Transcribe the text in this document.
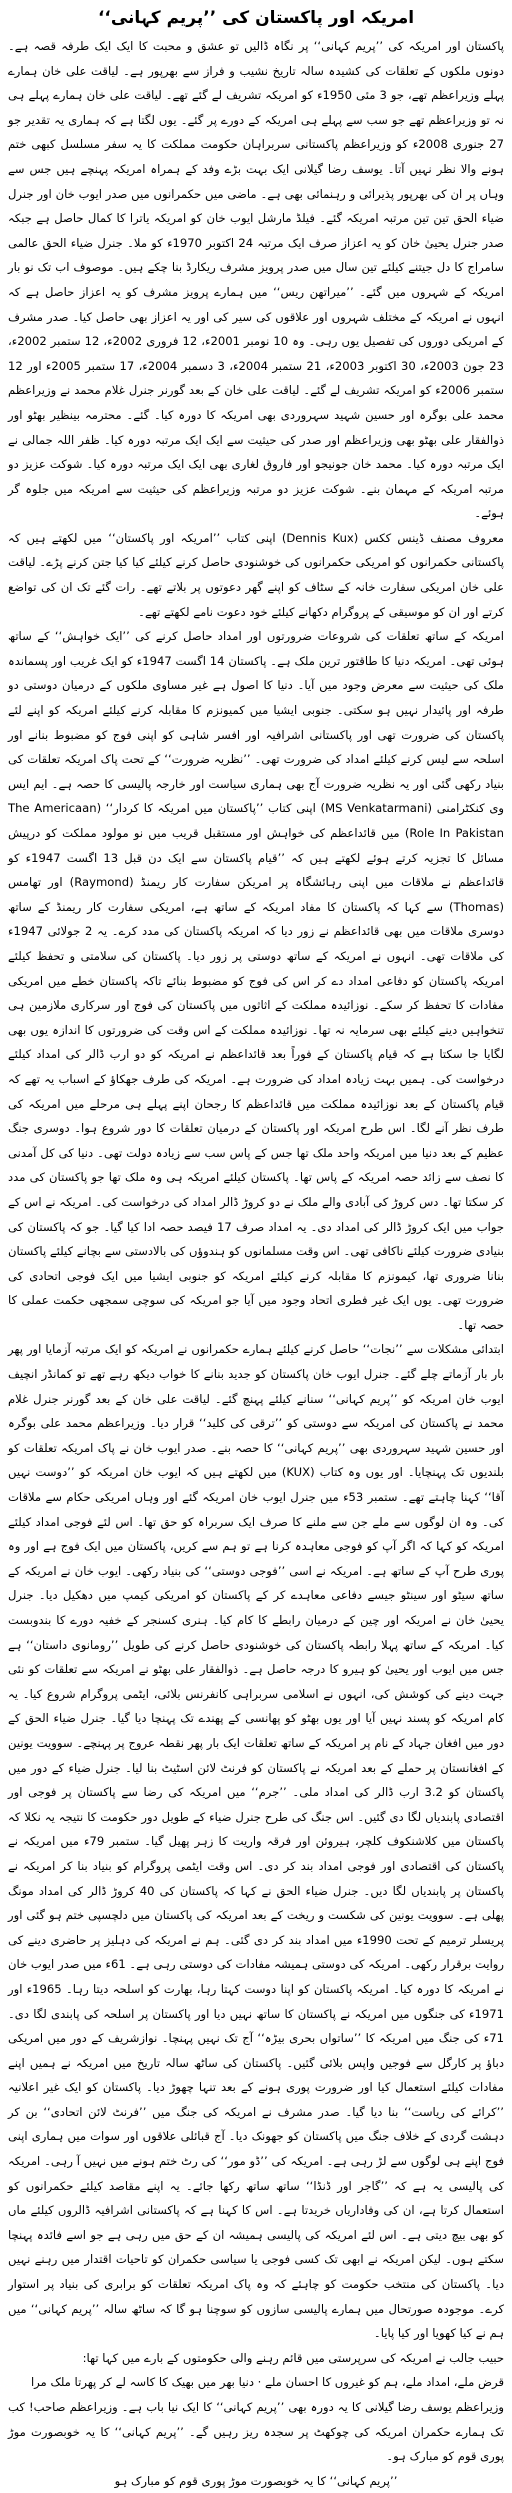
امریکہ اور پاکستان کی ’’پریم کہانی‘‘

پاکستان اور امریکہ کی ’’پریم کہانی‘‘ پر نگاہ ڈالیں تو عشق و محبت کا ایک ایک طرفہ قصہ ہے۔ دونوں ملکوں کے تعلقات کی کشیدہ سالہ تاریخ نشیب و فراز سے بھرپور ہے۔ لیاقت علی خان ہمارے پہلے وزیراعظم تھے، جو 3 مئی 1950ء کو امریکہ تشریف لے گئے تھے۔ لیاقت علی خان ہمارے پہلے ہی نہ تو وزیراعظم تھے جو سب سے پہلے ہی امریکہ کے دورے پر گئے۔ یوں لگتا ہے کہ ہماری یہ تقدیر جو 27 جنوری 2008ء کو وزیراعظم پاکستانی سربراہان حکومت مملکت کا یہ سفر مسلسل کبھی ختم ہونے والا نظر نہیں آتا۔ یوسف رضا گیلانی ایک بہت بڑے وفد کے ہمراہ امریکہ پہنچے ہیں جس سے وہاں پر ان کی بھرپور پذیرائی و رہنمائی بھی ہے۔ ماضی میں حکمرانوں میں صدر ایوب خان اور جنرل ضیاء الحق تین تین مرتبہ امریکہ گئے۔ فیلڈ مارشل ایوب خان کو امریکہ یاترا کا کمال حاصل ہے جبکہ صدر جنرل یحییٰ خان کو یہ اعزاز صرف ایک مرتبہ 24 اکتوبر 1970ء کو ملا۔ جنرل ضیاء الحق عالمی سامراج کا دل جیتنے کیلئے تین سال میں صدر پرویز مشرف ریکارڈ بنا چکے ہیں۔ موصوف اب تک نو بار امریکہ کے شہروں میں گئے۔ ’’میراتھن ریس‘‘ میں ہمارے پرویز مشرف کو یہ اعزاز حاصل ہے کہ انہوں نے امریکہ کے مختلف شہروں اور علاقوں کی سیر کی اور یہ اعزاز بھی حاصل کیا۔ صدر مشرف کے امریکی دوروں کی تفصیل یوں رہی۔ وہ 10 نومبر 2001ء، 12 فروری 2002ء، 12 ستمبر 2002ء، 23 جون 2003ء، 30 اکتوبر 2003ء، 21 ستمبر 2004ء، 3 دسمبر 2004ء، 17 ستمبر 2005ء اور 12 ستمبر 2006ء کو امریکہ تشریف لے گئے۔ لیاقت علی خان کے بعد گورنر جنرل غلام محمد نے وزیراعظم محمد علی بوگرہ اور حسین شہید سہروردی بھی امریکہ کا دورہ کیا۔ گئے۔ محترمہ بینظیر بھٹو اور ذوالفقار علی بھٹو بھی وزیراعظم اور صدر کی حیثیت سے ایک ایک مرتبہ دورہ کیا۔ ظفر اللہ جمالی نے ایک مرتبہ دورہ کیا۔ محمد خان جونیجو اور فاروق لغاری بھی ایک ایک مرتبہ دورہ کیا۔ شوکت عزیز دو مرتبہ امریکہ کے مہمان بنے۔ شوکت عزیز دو مرتبہ وزیراعظم کی حیثیت سے امریکہ میں جلوہ گر ہوئے۔

معروف مصنف ڈینس ککس (Dennis Kux) اپنی کتاب ’’امریکہ اور پاکستان‘‘ میں لکھتے ہیں کہ پاکستانی حکمرانوں کو امریکی حکمرانوں کی خوشنودی حاصل کرنے کیلئے کیا کیا جتن کرنے پڑے۔ لیاقت علی خان امریکی سفارت خانہ کے سٹاف کو اپنے گھر دعوتوں پر بلاتے تھے۔ رات گئے تک ان کی تواضع کرتے اور ان کو موسیقی کے پروگرام دکھانے کیلئے خود دعوت نامے لکھتے تھے۔

امریکہ کے ساتھ تعلقات کی شروعات ضرورتوں اور امداد حاصل کرنے کی ’’ایک خواہش‘‘ کے ساتھ ہوئی تھی۔ امریکہ دنیا کا طاقتور ترین ملک ہے۔ پاکستان 14 اگست 1947ء کو ایک غریب اور پسماندہ ملک کی حیثیت سے معرض وجود میں آیا۔ دنیا کا اصول ہے غیر مساوی ملکوں کے درمیان دوستی دو طرفہ اور پائیدار نہیں ہو سکتی۔ جنوبی ایشیا میں کمیونزم کا مقابلہ کرنے کیلئے امریکہ کو اپنے لئے پاکستان کی ضرورت تھی اور پاکستانی اشرافیہ اور افسر شاہی کو اپنی فوج کو مضبوط بنانے اور اسلحہ سے لیس کرنے کیلئے امداد کی ضرورت تھی۔ ’’نظریہ ضرورت‘‘ کے تحت پاک امریکہ تعلقات کی بنیاد رکھی گئی اور یہ نظریہ ضرورت آج بھی ہماری سیاست اور خارجہ پالیسی کا حصہ ہے۔ ایم ایس وی کنکٹرامنی (MS Venkatarmani) اپنی کتاب ’’پاکستان میں امریکہ کا کردار‘‘ (The Americaan Role In Pakistan) میں قائداعظم کی خواہش اور مستقبل قریب میں نو مولود مملکت کو درپیش مسائل کا تجزیہ کرتے ہوئے لکھتے ہیں کہ ’’قیام پاکستان سے ایک دن قبل 13 اگست 1947ء کو قائداعظم نے ملاقات میں اپنی رہائشگاہ پر امریکن سفارت کار ریمنڈ (Raymond) اور تھامس (Thomas) سے کہا کہ پاکستان کا مفاد امریکہ کے ساتھ ہے، امریکی سفارت کار ریمنڈ کے ساتھ دوسری ملاقات میں بھی قائداعظم نے زور دیا کہ امریکہ پاکستان کی مدد کرے۔ یہ 2 جولائی 1947ء کی ملاقات تھی۔ انہوں نے امریکہ کے ساتھ دوستی پر زور دیا۔ پاکستان کی سلامتی و تحفظ کیلئے امریکہ پاکستان کو دفاعی امداد دے کر اس کی فوج کو مضبوط بنائے تاکہ پاکستان خطے میں امریکی مفادات کا تحفظ کر سکے۔ نوزائیدہ مملکت کے اثاثوں میں پاکستان کی فوج اور سرکاری ملازمین ہی تنخواہیں دینے کیلئے بھی سرمایہ نہ تھا۔ نوزائیدہ مملکت کے اس وقت کی ضرورتوں کا اندازہ یوں بھی لگایا جا سکتا ہے کہ قیام پاکستان کے فوراً بعد قائداعظم نے امریکہ کو دو ارب ڈالر کی امداد کیلئے درخواست کی۔ ہمیں بہت زیادہ امداد کی ضرورت ہے۔ امریکہ کی طرف جھکاؤ کے اسباب یہ تھے کہ قیام پاکستان کے بعد نوزائیدہ مملکت میں قائداعظم کا رجحان اپنے پہلے ہی مرحلے میں امریکہ کی طرف نظر آنے لگا۔ اس طرح امریکہ اور پاکستان کے درمیان تعلقات کا دور شروع ہوا۔ دوسری جنگ عظیم کے بعد دنیا میں امریکہ واحد ملک تھا جس کے پاس سب سے زیادہ دولت تھی۔ دنیا کی کل آمدنی کا نصف سے زائد حصہ امریکہ کے پاس تھا۔ پاکستان کیلئے امریکہ ہی وہ ملک تھا جو پاکستان کی مدد کر سکتا تھا۔ دس کروڑ کی آبادی والے ملک نے دو کروڑ ڈالر امداد کی درخواست کی۔ امریکہ نے اس کے جواب میں ایک کروڑ ڈالر کی امداد دی۔ یہ امداد صرف 17 فیصد حصہ ادا کیا گیا۔ جو کہ پاکستان کی بنیادی ضرورت کیلئے ناکافی تھی۔ اس وقت مسلمانوں کو ہندوؤں کی بالادستی سے بچانے کیلئے پاکستان بنانا ضروری تھا، کیمونزم کا مقابلہ کرنے کیلئے امریکہ کو جنوبی ایشیا میں ایک فوجی اتحادی کی ضرورت تھی۔ یوں ایک غیر فطری اتحاد وجود میں آیا جو امریکہ کی سوچی سمجھی حکمت عملی کا حصہ تھا۔

ابتدائی مشکلات سے ’’نجات‘‘ حاصل کرنے کیلئے ہمارے حکمرانوں نے امریکہ کو ایک مرتبہ آزمایا اور پھر بار بار آزماتے چلے گئے۔ جنرل ایوب خان پاکستان کو جدید بنانے کا خواب دیکھ رہے تھے تو کمانڈر انچیف ایوب خان امریکہ کو ’’پریم کہانی‘‘ سنانے کیلئے پہنچ گئے۔ لیاقت علی خان کے بعد گورنر جنرل غلام محمد نے پاکستان کی امریکہ سے دوستی کو ’’ترقی کی کلید‘‘ قرار دیا۔ وزیراعظم محمد علی بوگرہ اور حسین شہید سہروردی بھی ’’پریم کہانی‘‘ کا حصہ بنے۔ صدر ایوب خان نے پاک امریکہ تعلقات کو بلندیوں تک پہنچایا۔ اور یوں وہ کتاب (KUX) میں لکھتے ہیں کہ ایوب خان امریکہ کو ’’دوست نہیں آقا‘‘ کہنا چاہتے تھے۔ ستمبر 53ء میں جنرل ایوب خان امریکہ گئے اور وہاں امریکی حکام سے ملاقات کی۔ وہ ان لوگوں سے ملے جن سے ملنے کا صرف ایک سربراہ کو حق تھا۔ اس لئے فوجی امداد کیلئے امریکہ کو کہا کہ اگر آپ کو فوجی معاہدہ کرنا ہے تو ہم سے کریں، پاکستان میں ایک فوج ہے اور وہ پوری طرح آپ کے ساتھ ہے۔ امریکہ نے اسی ’’فوجی دوستی‘‘ کی بنیاد رکھی۔ ایوب خان نے امریکہ کے ساتھ سیٹو اور سینٹو جیسے دفاعی معاہدے کر کے پاکستان کو امریکی کیمپ میں دھکیل دیا۔ جنرل یحییٰ خان نے امریکہ اور چین کے درمیان رابطے کا کام کیا۔ ہنری کسنجر کے خفیہ دورے کا بندوبست کیا۔ امریکہ کے ساتھ پہلا رابطہ پاکستان کی خوشنودی حاصل کرنے کی طویل ’’رومانوی داستان‘‘ ہے جس میں ایوب اور یحییٰ کو ہیرو کا درجہ حاصل ہے۔ ذوالفقار علی بھٹو نے امریکہ سے تعلقات کو نئی جہت دینے کی کوشش کی، انہوں نے اسلامی سربراہی کانفرنس بلائی، ایٹمی پروگرام شروع کیا۔ یہ کام امریکہ کو پسند نہیں آیا اور یوں بھٹو کو پھانسی کے پھندے تک پہنچا دیا گیا۔ جنرل ضیاء الحق کے دور میں افغان جہاد کے نام پر امریکہ کے ساتھ تعلقات ایک بار پھر نقطہ عروج پر پہنچے۔ سوویت یونین کے افغانستان پر حملے کے بعد امریکہ نے پاکستان کو فرنٹ لائن اسٹیٹ بنا لیا۔ جنرل ضیاء کے دور میں پاکستان کو 3.2 ارب ڈالر کی امداد ملی۔ ’’جرم‘‘ میں امریکہ کی رضا سے پاکستان پر فوجی اور اقتصادی پابندیاں لگا دی گئیں۔ اس جنگ کی طرح جنرل ضیاء کے طویل دور حکومت کا نتیجہ یہ نکلا کہ پاکستان میں کلاشنکوف کلچر، ہیروئن اور فرقہ واریت کا زہر پھیل گیا۔ ستمبر 79ء میں امریکہ نے پاکستان کی اقتصادی اور فوجی امداد بند کر دی۔ اس وقت ایٹمی پروگرام کو بنیاد بنا کر امریکہ نے پاکستان پر پابندیاں لگا دیں۔ جنرل ضیاء الحق نے کہا کہ پاکستان کی 40 کروڑ ڈالر کی امداد مونگ پھلی ہے۔ سوویت یونین کی شکست و ریخت کے بعد امریکہ کی پاکستان میں دلچسپی ختم ہو گئی اور پریسلر ترمیم کے تحت 1990ء میں امداد بند کر دی گئی۔ ہم نے امریکہ کی دہلیز پر حاضری دینے کی روایت برقرار رکھی۔ امریکہ کی دوستی ہمیشہ مفادات کی دوستی رہی ہے۔ 61ء میں صدر ایوب خان نے امریکہ کا دورہ کیا۔ امریکہ پاکستان کو اپنا دوست کہتا رہا، بھارت کو اسلحہ دیتا رہا۔ 1965ء اور 1971ء کی جنگوں میں امریکہ نے پاکستان کا ساتھ نہیں دیا اور پاکستان پر اسلحہ کی پابندی لگا دی۔ 71ء کی جنگ میں امریکہ کا ’’ساتواں بحری بیڑہ‘‘ آج تک نہیں پہنچا۔ نوازشریف کے دور میں امریکی دباؤ پر کارگل سے فوجیں واپس بلائی گئیں۔ پاکستان کی ساٹھ سالہ تاریخ میں امریکہ نے ہمیں اپنے مفادات کیلئے استعمال کیا اور ضرورت پوری ہونے کے بعد تنہا چھوڑ دیا۔ پاکستان کو ایک غیر اعلانیہ ’’کرائے کی ریاست‘‘ بنا دیا گیا۔ صدر مشرف نے امریکہ کی جنگ میں ’’فرنٹ لائن اتحادی‘‘ بن کر دہشت گردی کے خلاف جنگ میں پاکستان کو جھونک دیا۔ آج قبائلی علاقوں اور سوات میں ہماری اپنی فوج اپنے ہی لوگوں سے لڑ رہی ہے۔ امریکہ کی ’’ڈو مور‘‘ کی رٹ ختم ہونے میں نہیں آ رہی۔ امریکہ کی پالیسی یہ ہے کہ ’’گاجر اور ڈنڈا‘‘ ساتھ ساتھ رکھا جائے۔ یہ اپنے مقاصد کیلئے حکمرانوں کو استعمال کرتا ہے، ان کی وفاداریاں خریدتا ہے۔ اس کا کہنا ہے کہ پاکستانی اشرافیہ ڈالروں کیلئے ماں کو بھی بیچ دیتی ہے۔ اس لئے امریکہ کی پالیسی ہمیشہ ان کے حق میں رہی ہے جو اسے فائدہ پہنچا سکتے ہوں۔ لیکن امریکہ نے ابھی تک کسی فوجی یا سیاسی حکمران کو تاحیات اقتدار میں رہنے نہیں دیا۔ پاکستان کی منتخب حکومت کو چاہئے کہ وہ پاک امریکہ تعلقات کو برابری کی بنیاد پر استوار کرے۔ موجودہ صورتحال میں ہمارے پالیسی سازوں کو سوچنا ہو گا کہ ساٹھ سالہ ’’پریم کہانی‘‘ میں ہم نے کیا کھویا اور کیا پایا۔

حبیب جالب نے امریکہ کی سرپرستی میں قائم رہنے والی حکومتوں کے بارے میں کہا تھا:

قرض ملے، امداد ملے، ہم کو غیروں کا احسان ملے · دنیا بھر میں بھیک کا کاسہ لے کر پھرتا ملک مرا

وزیراعظم یوسف رضا گیلانی کا یہ دورہ بھی ’’پریم کہانی‘‘ کا ایک نیا باب ہے۔ وزیراعظم صاحب! کب تک ہمارے حکمران امریکہ کی چوکھٹ پر سجدہ ریز رہیں گے۔ ’’پریم کہانی‘‘ کا یہ خوبصورت موڑ پوری قوم کو مبارک ہو۔

’’پریم کہانی‘‘ کا یہ خوبصورت موڑ پوری قوم کو مبارک ہو
